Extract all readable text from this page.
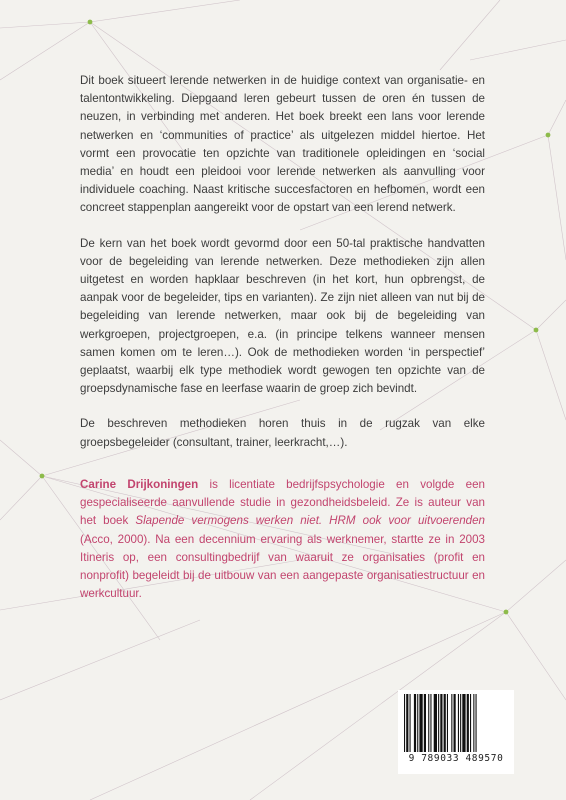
Dit boek situeert lerende netwerken in de huidige context van organisatie- en talentontwikkeling. Diepgaand leren gebeurt tussen de oren én tussen de neuzen, in verbinding met anderen. Het boek breekt een lans voor lerende netwerken en ‘communities of practice’ als uitgelezen middel hiertoe. Het vormt een provocatie ten opzichte van traditionele opleidingen en ‘social media’ en houdt een pleidooi voor lerende netwerken als aanvulling voor individuele coaching. Naast kritische succesfactoren en hefbomen, wordt een concreet stappenplan aangereikt voor de opstart van een lerend netwerk.

De kern van het boek wordt gevormd door een 50-tal praktische handvatten voor de begeleiding van lerende netwerken. Deze methodieken zijn allen uitgetest en worden hapklaar beschreven (in het kort, hun opbrengst, de aanpak voor de begeleider, tips en varianten). Ze zijn niet alleen van nut bij de begeleiding van lerende netwerken, maar ook bij de begeleiding van werkgroepen, projectgroepen, e.a. (in principe telkens wanneer mensen samen komen om te leren…). Ook de methodieken worden ‘in perspectief’ geplaatst, waarbij elk type methodiek wordt gewogen ten opzichte van de groepsdynamische fase en leerfase waarin de groep zich bevindt.

De beschreven methodieken horen thuis in de rugzak van elke groepsbegeleider (consultant, trainer, leerkracht,…).

Carine Drijkoningen is licentiate bedrijfspsychologie en volgde een gespecialiseerde aanvullende studie in gezondheidsbeleid. Ze is auteur van het boek Slapende vermogens werken niet. HRM ook voor uitvoerenden (Acco, 2000). Na een decennium ervaring als werknemer, startte ze in 2003 Itineris op, een consultingbedrijf van waaruit ze organisaties (profit en nonprofit) begeleidt bij de uitbouw van een aangepaste organisatiestructuur en werkcultuur.
9 789033 489570
